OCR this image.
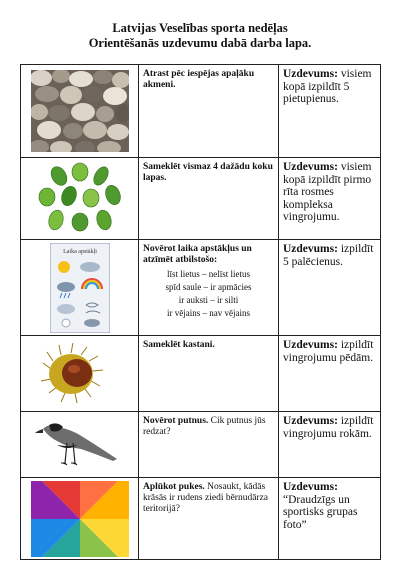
Latvijas Veselības sporta nedēļas
Orientēšanās uzdevumu dabā darba lapa.

Atrast pēc iespējas apaļāku akmeni.	Uzdevums: visiem kopā izpildīt 5 pietupienus.

Sameklēt vismaz 4 dažādu koku lapas.	Uzdevums: visiem kopā izpildīt pirmo rīta rosmes kompleksa vingrojumu.

Laika apstākļi	Novērot laika apstākļus un atzīmēt atbilstošo:
līst lietus – nelīst lietus
spīd saule – ir apmācies
ir auksti – ir silti
ir vējains – nav vējains	Uzdevums: izpildīt 5 palēcienus.

Sameklēt kastani.	Uzdevums: izpildīt vingrojumu pēdām.

Novērot putnus. Cik putnus jūs redzat?	Uzdevums: izpildīt vingrojumu rokām.

Aplūkot pukes. Nosaukt, kādās krāsās ir rudens ziedi bērnudārza teritorijā?	Uzdevums: “Draudzīgs un sportisks grupas foto”
